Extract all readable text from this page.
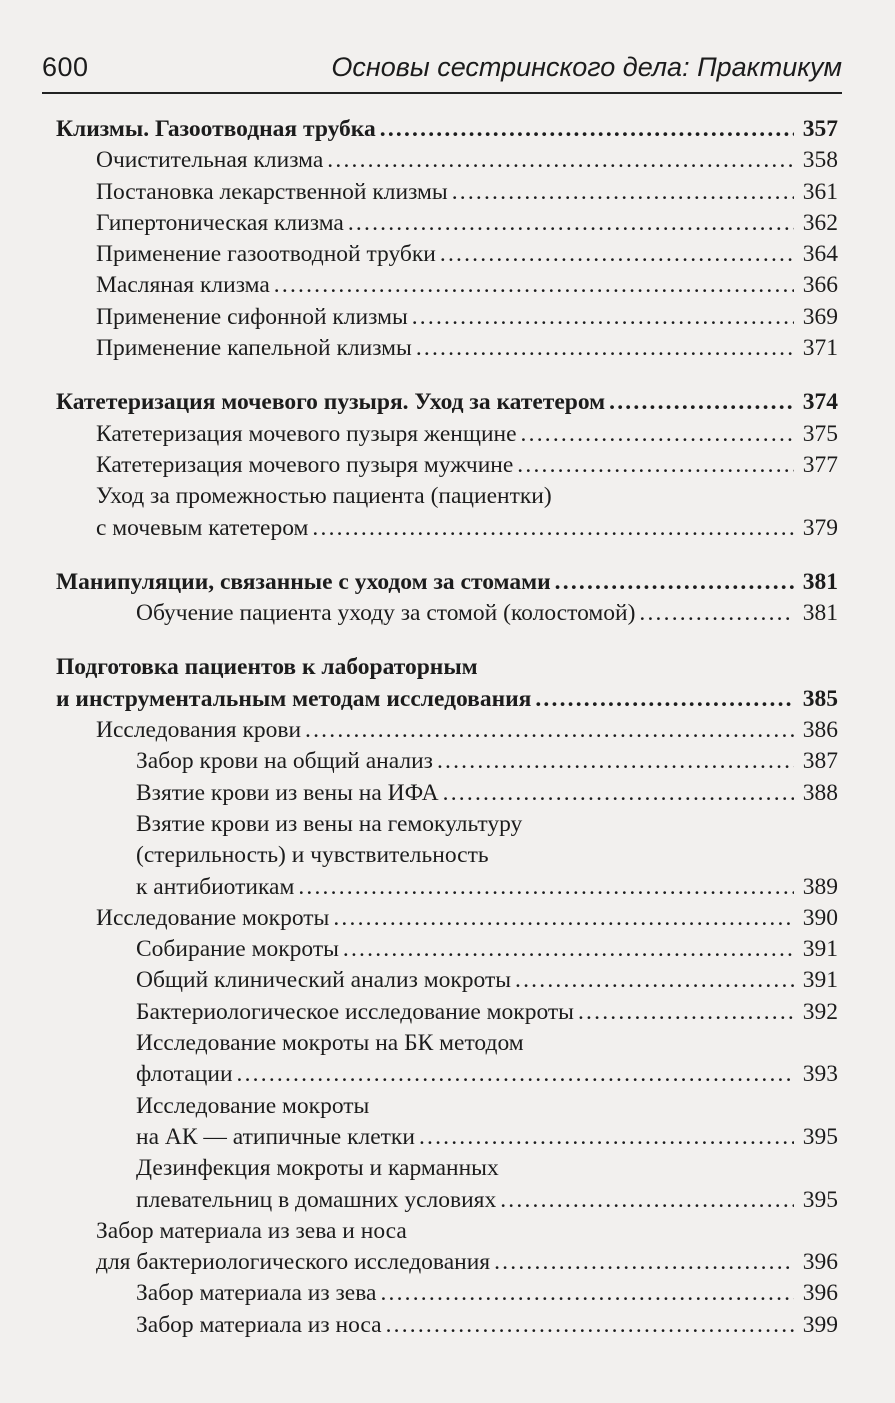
600	Основы сестринского дела: Практикум
Клизмы. Газоотводная трубка .....	357
Очистительная клизма .....	358
Постановка лекарственной клизмы .....	361
Гипертоническая клизма .....	362
Применение газоотводной трубки .....	364
Масляная клизма .....	366
Применение сифонной клизмы .....	369
Применение капельной клизмы .....	371
Катетеризация мочевого пузыря. Уход за катетером .....	374
Катетеризация мочевого пузыря женщине .....	375
Катетеризация мочевого пузыря мужчине .....	377
Уход за промежностью пациента (пациентки)
с мочевым катетером .....	379
Манипуляции, связанные с уходом за стомами .....	381
Обучение пациента уходу за стомой (колостомой) .....	381
Подготовка пациентов к лабораторным
и инструментальным методам исследования .....	385
Исследования крови .....	386
Забор крови на общий анализ .....	387
Взятие крови из вены на ИФА .....	388
Взятие крови из вены на гемокультуру
(стерильность) и чувствительность
к антибиотикам .....	389
Исследование мокроты .....	390
Собирание мокроты .....	391
Общий клинический анализ мокроты .....	391
Бактериологическое исследование мокроты .....	392
Исследование мокроты на БК методом
флотации .....	393
Исследование мокроты
на АК — атипичные клетки .....	395
Дезинфекция мокроты и карманных
плевательниц в домашних условиях .....	395
Забор материала из зева и носа
для бактериологического исследования .....	396
Забор материала из зева .....	396
Забор материала из носа .....	399
